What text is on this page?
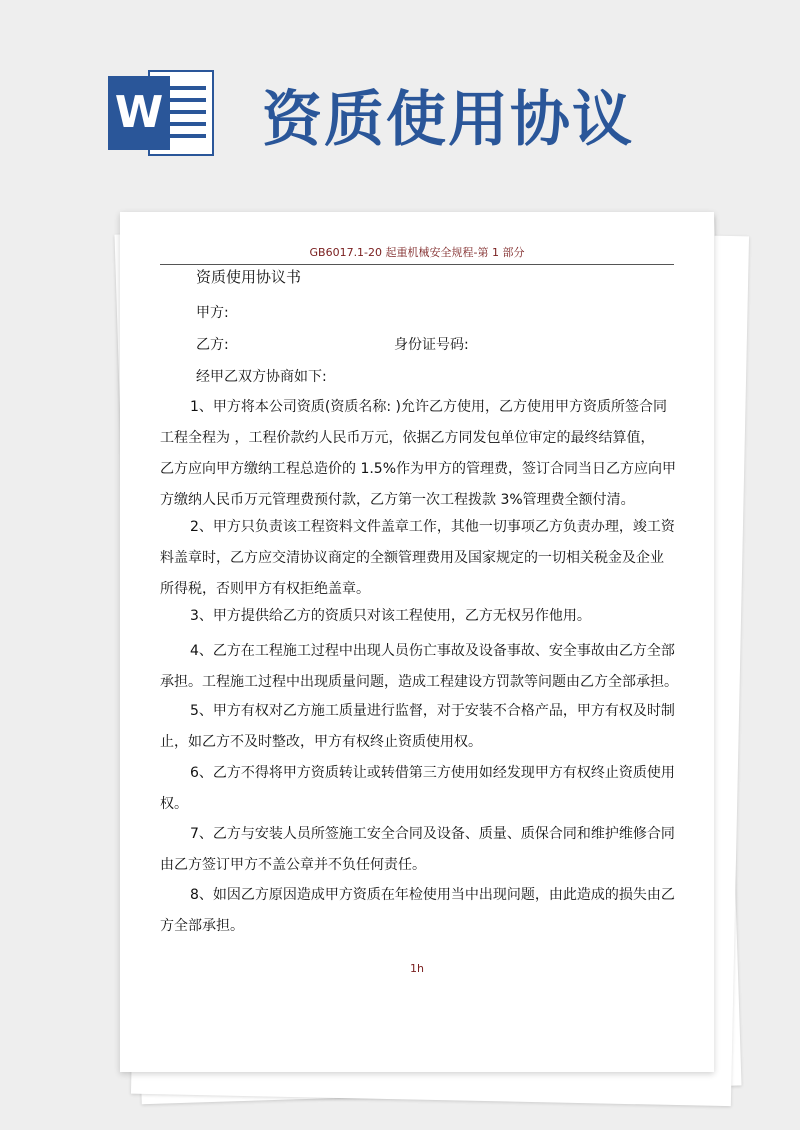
W 资质使用协议
GB6017.1-20 起重机械安全规程-第 1 部分
资质使用协议书
甲方:
乙方:	身份证号码:
经甲乙双方协商如下:
1、甲方将本公司资质(资质名称: )允许乙方使用，乙方使用甲方资质所签合同
工程全程为 ，工程价款约人民币万元，依据乙方同发包单位审定的最终结算值，
乙方应向甲方缴纳工程总造价的 1.5%作为甲方的管理费，签订合同当日乙方应向甲
方缴纳人民币万元管理费预付款，乙方第一次工程拨款 3%管理费全额付清。
2、甲方只负责该工程资料文件盖章工作，其他一切事项乙方负责办理，竣工资
料盖章时，乙方应交清协议商定的全额管理费用及国家规定的一切相关税金及企业
所得税，否则甲方有权拒绝盖章。
3、甲方提供给乙方的资质只对该工程使用，乙方无权另作他用。
4、乙方在工程施工过程中出现人员伤亡事故及设备事故、安全事故由乙方全部
承担。工程施工过程中出现质量问题，造成工程建设方罚款等问题由乙方全部承担。
5、甲方有权对乙方施工质量进行监督，对于安装不合格产品，甲方有权及时制
止，如乙方不及时整改，甲方有权终止资质使用权。
6、乙方不得将甲方资质转让或转借第三方使用如经发现甲方有权终止资质使用
权。
7、乙方与安装人员所签施工安全合同及设备、质量、质保合同和维护维修合同
由乙方签订甲方不盖公章并不负任何责任。
8、如因乙方原因造成甲方资质在年检使用当中出现问题，由此造成的损失由乙
方全部承担。
1h
